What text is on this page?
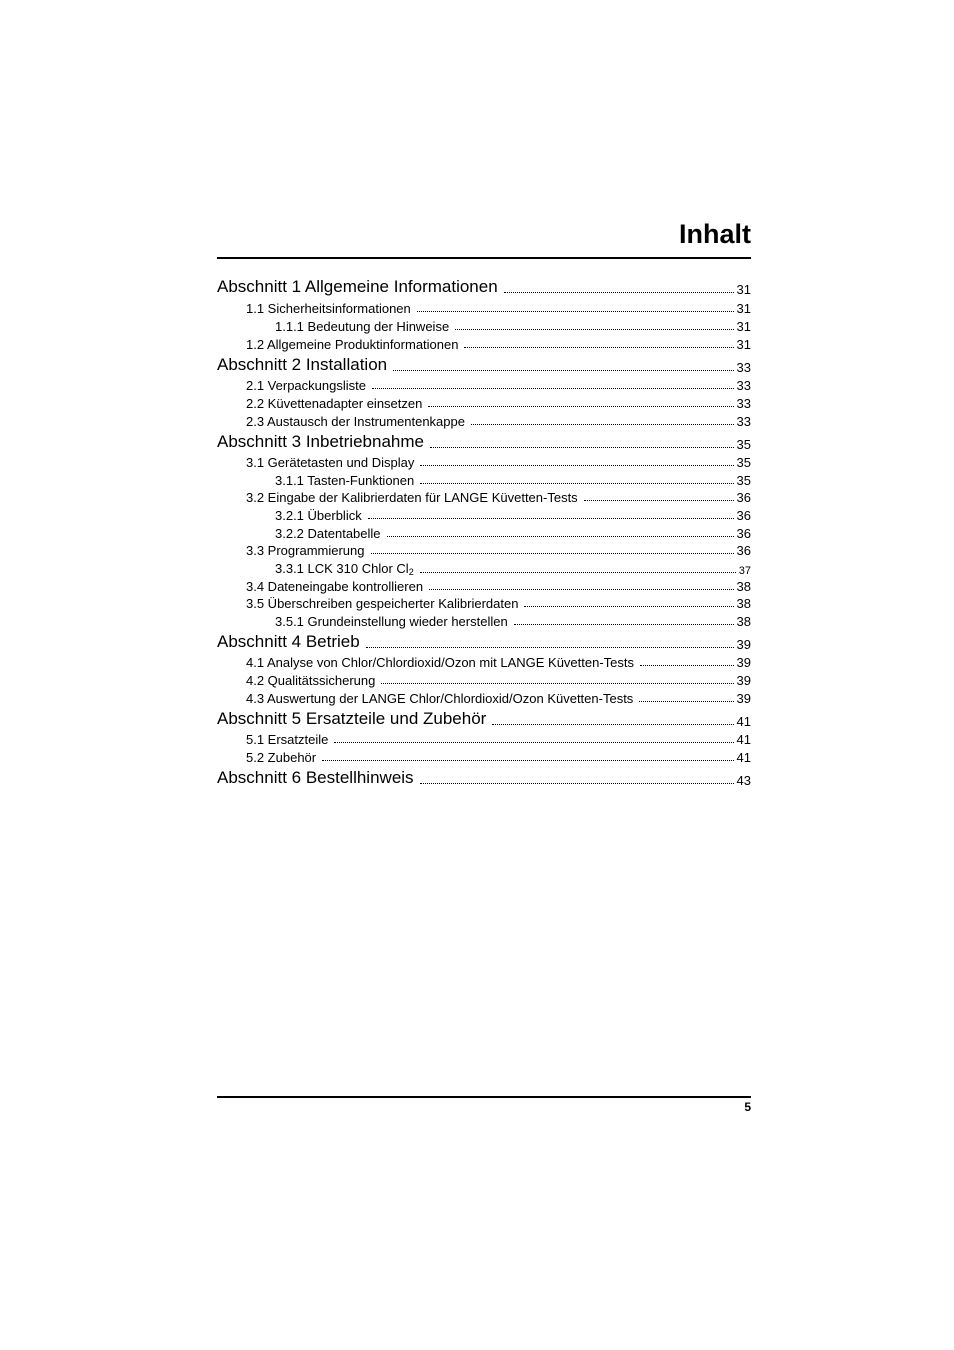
Inhalt
Abschnitt 1 Allgemeine Informationen	31
1.1 Sicherheitsinformationen	31
1.1.1 Bedeutung der Hinweise	31
1.2 Allgemeine Produktinformationen	31
Abschnitt 2 Installation	33
2.1 Verpackungsliste	33
2.2 Küvettenadapter einsetzen	33
2.3 Austausch der Instrumentenkappe	33
Abschnitt 3 Inbetriebnahme	35
3.1 Gerätetasten und Display	35
3.1.1 Tasten-Funktionen	35
3.2 Eingabe der Kalibrierdaten für LANGE Küvetten-Tests	36
3.2.1 Überblick	36
3.2.2 Datentabelle	36
3.3 Programmierung	36
3.3.1 LCK 310 Chlor $Cl_2$	37
3.4 Dateneingabe kontrollieren	38
3.5 Überschreiben gespeicherter Kalibrierdaten	38
3.5.1 Grundeinstellung wieder herstellen	38
Abschnitt 4 Betrieb	39
4.1 Analyse von Chlor/Chlordioxid/Ozon mit LANGE Küvetten-Tests	39
4.2 Qualitätssicherung	39
4.3 Auswertung der LANGE Chlor/Chlordioxid/Ozon Küvetten-Tests	39
Abschnitt 5 Ersatzteile und Zubehör	41
5.1 Ersatzteile	41
5.2 Zubehör	41
Abschnitt 6 Bestellhinweis	43
5
